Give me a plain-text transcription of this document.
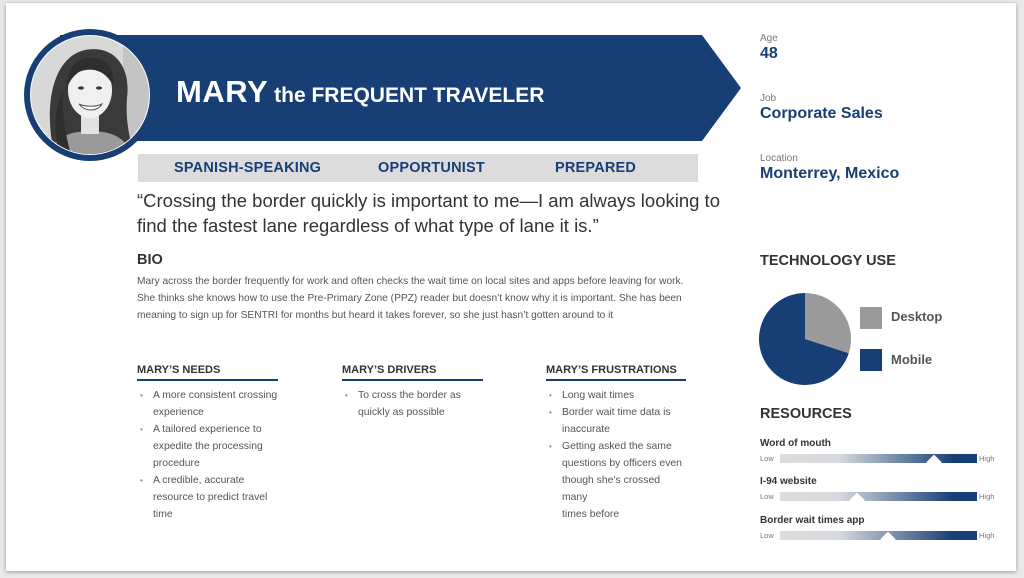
MARY the FREQUENT TRAVELER
SPANISH-SPEAKING	OPPORTUNIST	PREPARED
“Crossing the border quickly is important to me—I am always looking to
find the fastest lane regardless of what type of lane it is.”
BIO
Mary across the border frequently for work and often checks the wait time on local sites and apps before leaving for work.
She thinks she knows how to use the Pre-Primary Zone (PPZ) reader but doesn’t know why it is important. She has been
meaning to sign up for SENTRI for months but heard it takes forever, so she just hasn’t gotten around to it
MARY’S NEEDS
• A more consistent crossing
experience
• A tailored experience to
expedite the processing
procedure
• A credible, accurate
resource to predict travel
time
MARY’S DRIVERS
• To cross the border as
quickly as possible
MARY’S FRUSTRATIONS
• Long wait times
• Border wait time data is
inaccurate
• Getting asked the same
questions by officers even
though she’s crossed many
times before
Age
48
Job
Corporate Sales
Location
Monterrey, Mexico
TECHNOLOGY USE
Desktop
Mobile
RESOURCES
Word of mouth
Low	High
I-94 website
Low	High
Border wait times app
Low	High
